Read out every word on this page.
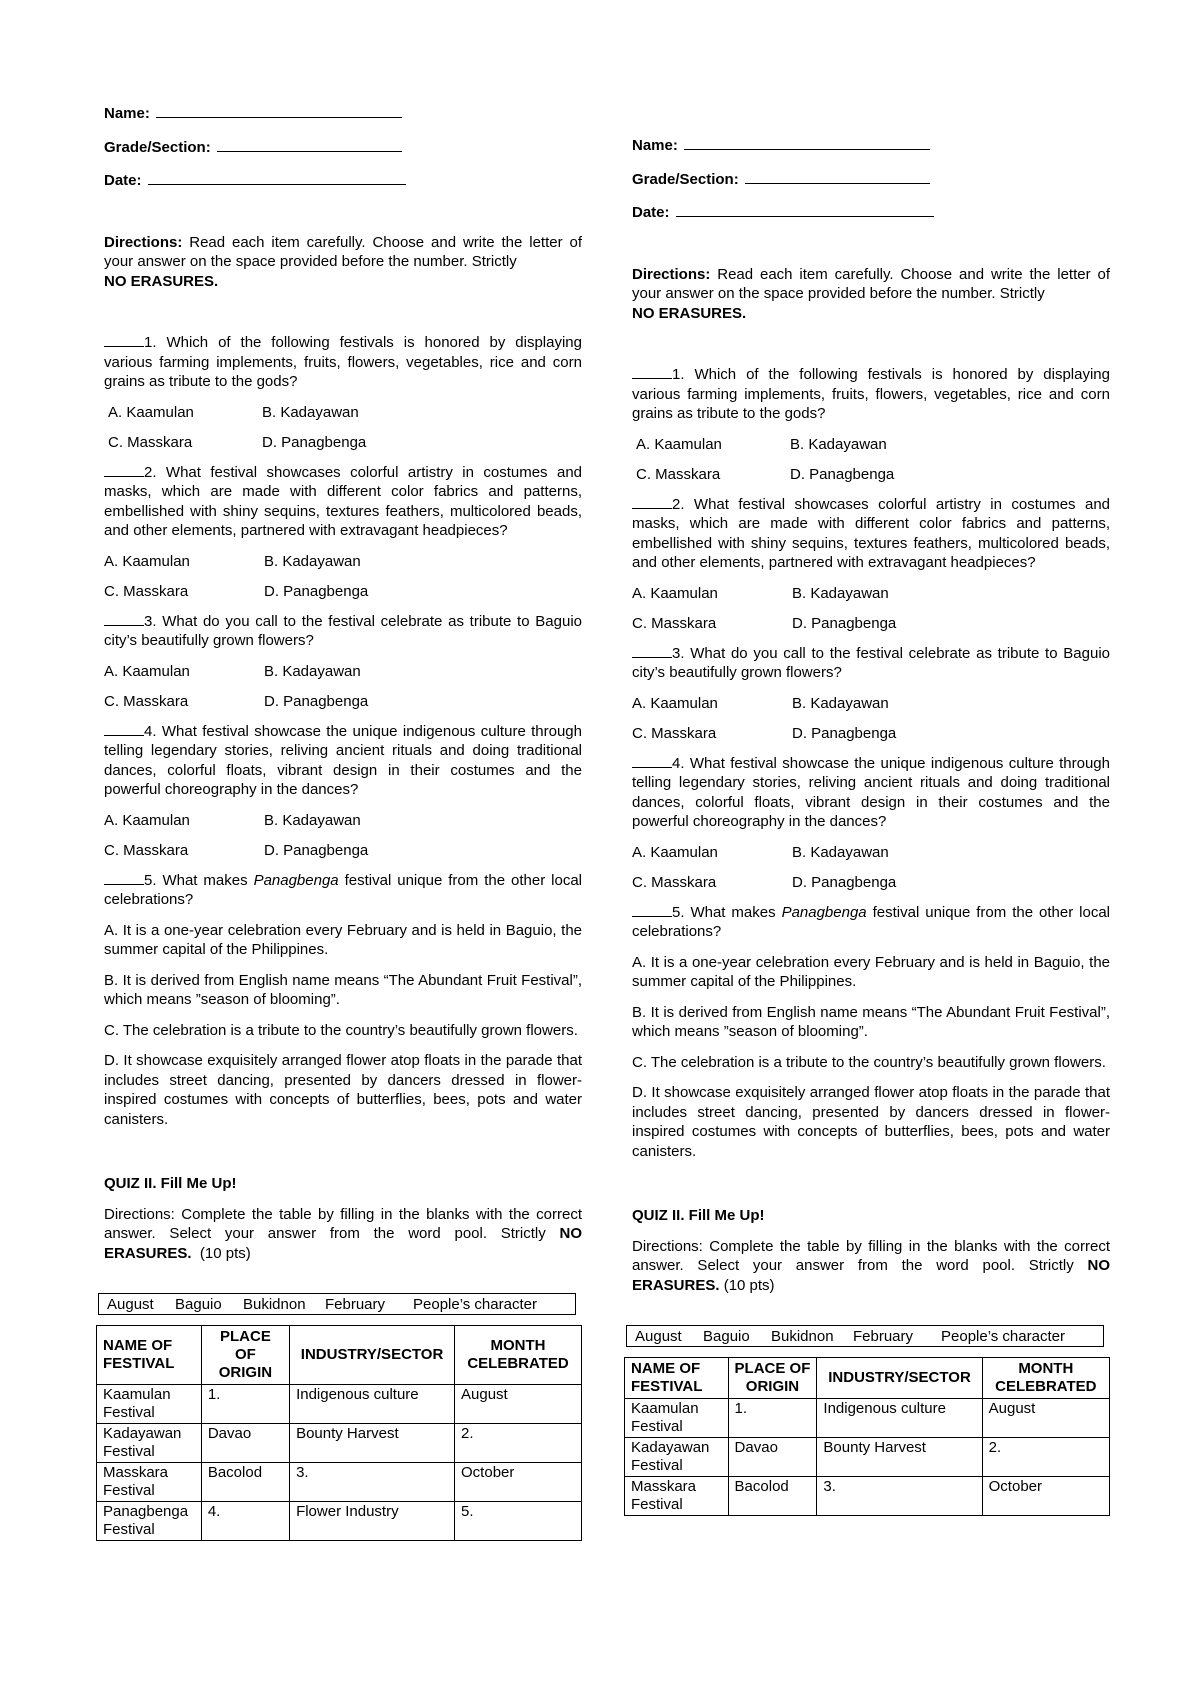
Name:
Grade/Section:
Date:
Directions: Read each item carefully. Choose and write the letter of your answer on the space provided before the number. Strictly
NO ERASURES.

1. Which of the following festivals is honored by displaying various farming implements, fruits, flowers, vegetables, rice and corn grains as tribute to the gods?

A. Kaamulan	B. Kadayawan
C. Masskara	D. Panagbenga

2. What festival showcases colorful artistry in costumes and masks, which are made with different color fabrics and patterns, embellished with shiny sequins, textures feathers, multicolored beads, and other elements, partnered with extravagant headpieces?

A. Kaamulan	B. Kadayawan
C. Masskara	D. Panagbenga

3. What do you call to the festival celebrate as tribute to Baguio city’s beautifully grown flowers?

A. Kaamulan	B. Kadayawan
C. Masskara	D. Panagbenga

4. What festival showcase the unique indigenous culture through telling legendary stories, reliving ancient rituals and doing traditional dances, colorful floats, vibrant design in their costumes and the powerful choreography in the dances?

A. Kaamulan	B. Kadayawan
C. Masskara	D. Panagbenga

5. What makes Panagbenga festival unique from the other local celebrations?

A. It is a one-year celebration every February and is held in Baguio, the summer capital of the Philippines.

B. It is derived from English name means “The Abundant Fruit Festival”, which means ”season of blooming”.

C. The celebration is a tribute to the country’s beautifully grown flowers.

D. It showcase exquisitely arranged flower atop floats in the parade that includes street dancing, presented by dancers dressed in flower-inspired costumes with concepts of butterflies, bees, pots and water canisters.

QUIZ II. Fill Me Up!
Directions: Complete the table by filling in the blanks with the correct answer. Select your answer from the word pool. Strictly NO ERASURES. (10 pts)
August Baguio Bukidnon February People’s character
NAME OF FESTIVAL	PLACE OF ORIGIN	INDUSTRY/SECTOR	MONTH CELEBRATED
Kaamulan Festival	1.	Indigenous culture	August
Kadayawan Festival	Davao	Bounty Harvest	2.
Masskara Festival	Bacolod	3.	October
Panagbenga Festival	4.	Flower Industry	5.
Name:
Grade/Section:
Date:
Directions: Read each item carefully. Choose and write the letter of your answer on the space provided before the number. Strictly
NO ERASURES.

1. Which of the following festivals is honored by displaying various farming implements, fruits, flowers, vegetables, rice and corn grains as tribute to the gods?

A. Kaamulan	B. Kadayawan
C. Masskara	D. Panagbenga

2. What festival showcases colorful artistry in costumes and masks, which are made with different color fabrics and patterns, embellished with shiny sequins, textures feathers, multicolored beads, and other elements, partnered with extravagant headpieces?

A. Kaamulan	B. Kadayawan
C. Masskara	D. Panagbenga

3. What do you call to the festival celebrate as tribute to Baguio city’s beautifully grown flowers?

A. Kaamulan	B. Kadayawan
C. Masskara	D. Panagbenga

4. What festival showcase the unique indigenous culture through telling legendary stories, reliving ancient rituals and doing traditional dances, colorful floats, vibrant design in their costumes and the powerful choreography in the dances?

A. Kaamulan	B. Kadayawan
C. Masskara	D. Panagbenga

5. What makes Panagbenga festival unique from the other local celebrations?

A. It is a one-year celebration every February and is held in Baguio, the summer capital of the Philippines.

B. It is derived from English name means “The Abundant Fruit Festival”, which means ”season of blooming”.

C. The celebration is a tribute to the country’s beautifully grown flowers.

D. It showcase exquisitely arranged flower atop floats in the parade that includes street dancing, presented by dancers dressed in flower-inspired costumes with concepts of butterflies, bees, pots and water canisters.

QUIZ II. Fill Me Up!
Directions: Complete the table by filling in the blanks with the correct answer. Select your answer from the word pool. Strictly NO ERASURES. (10 pts)
August Baguio Bukidnon February People’s character
NAME OF FESTIVAL	PLACE OF ORIGIN	INDUSTRY/SECTOR	MONTH CELEBRATED
Kaamulan Festival	1.	Indigenous culture	August
Kadayawan Festival	Davao	Bounty Harvest	2.
Masskara Festival	Bacolod	3.	October
